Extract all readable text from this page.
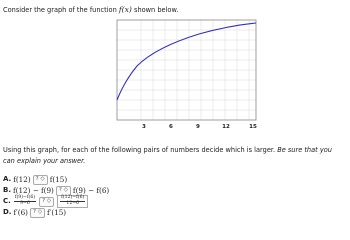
Consider the graph of the function f(x) shown below.
3	6	9	12	15
Using this graph, for each of the following pairs of numbers decide which is larger. Be sure that you can explain your answer.
A. f(12) ? ◇ f(15)
B. f(12) − f(9) ? ◇ f(9) − f(6)
C. $\frac{f(9)-f(6)}{9-6}$	? ◇	$\frac{f(12)-f(6)}{12-6}$
D. f′(6) ? ◇ f′(15)
